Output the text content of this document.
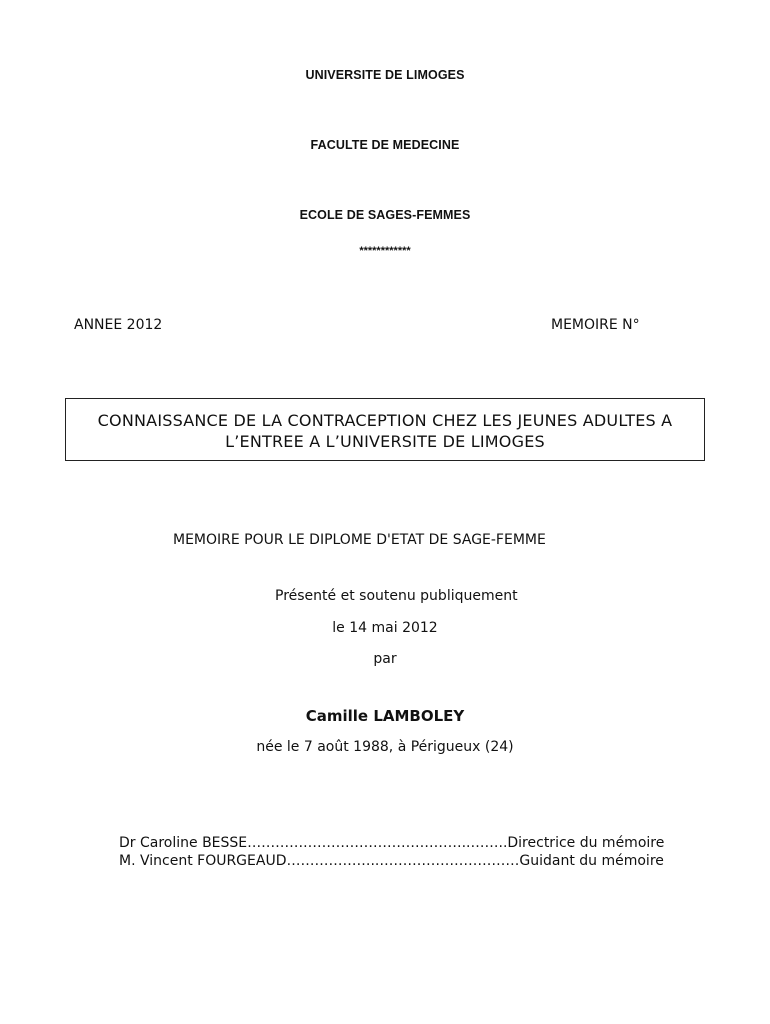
UNIVERSITE DE LIMOGES
FACULTE DE MEDECINE
ECOLE DE SAGES-FEMMES
************
ANNEE 2012	MEMOIRE N°
CONNAISSANCE DE LA CONTRACEPTION CHEZ LES JEUNES ADULTES A
L’ENTREE A L’UNIVERSITE DE LIMOGES
MEMOIRE POUR LE DIPLOME D'ETAT DE SAGE-FEMME
Présenté et soutenu publiquement
le 14 mai 2012
par
Camille LAMBOLEY
née le 7 août 1988, à Périgueux (24)
Dr Caroline BESSE………….……………………………..……..Directrice du mémoire
M. Vincent FOURGEAUD………………..…………………………Guidant du mémoire
